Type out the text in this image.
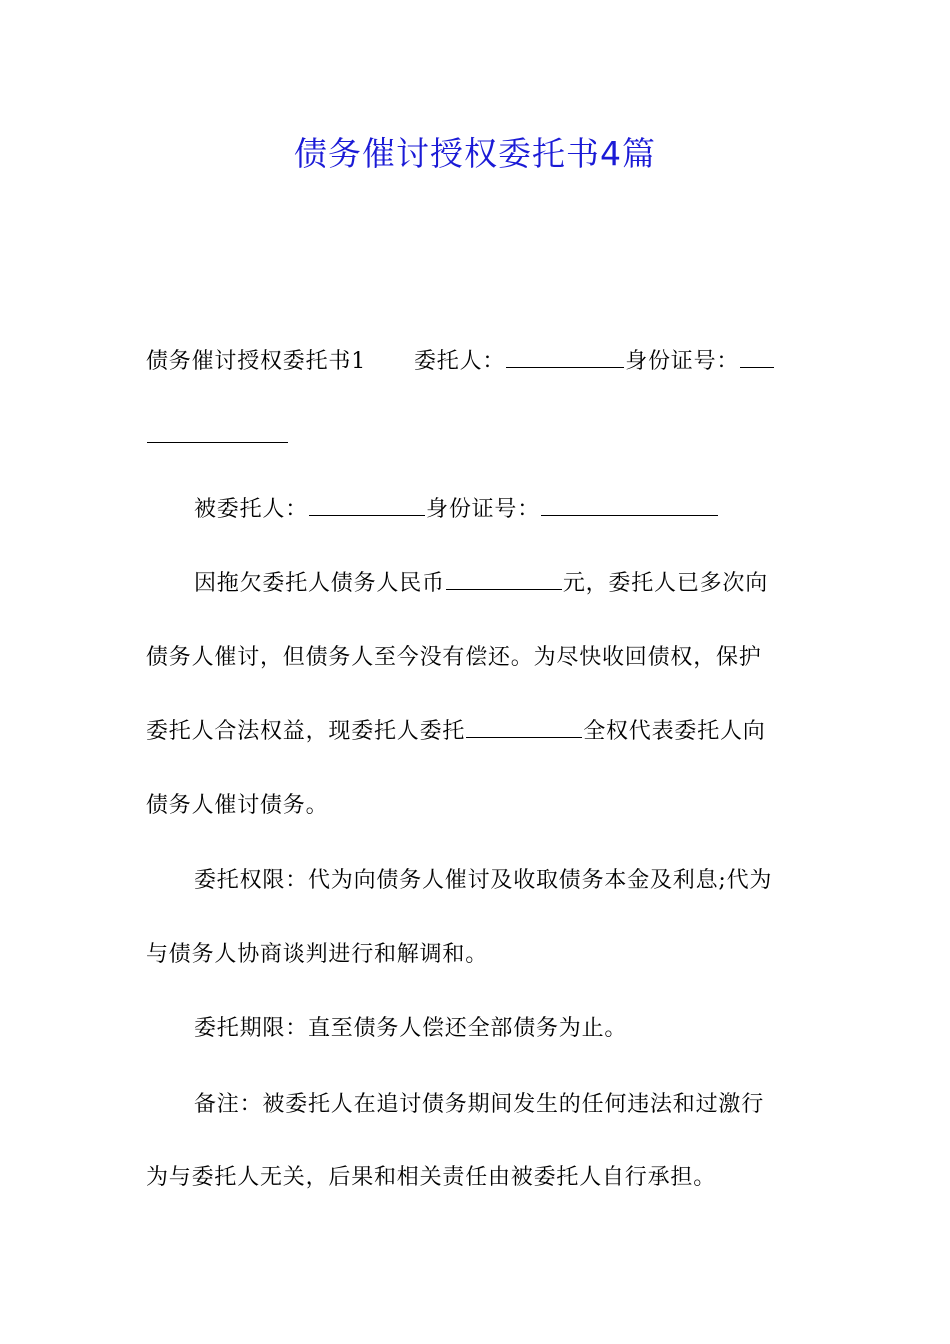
债务催讨授权委托书4篇
债务催讨授权委托书1 委托人：	身份证号：
被委托人：	身份证号：
因拖欠委托人债务人民币	元，委托人已多次向
债务人催讨，但债务人至今没有偿还。为尽快收回债权，保护
委托人合法权益，现委托人委托	全权代表委托人向
债务人催讨债务。
委托权限：代为向债务人催讨及收取债务本金及利息;代为
与债务人协商谈判进行和解调和。
委托期限：直至债务人偿还全部债务为止。
备注：被委托人在追讨债务期间发生的任何违法和过激行
为与委托人无关，后果和相关责任由被委托人自行承担。
